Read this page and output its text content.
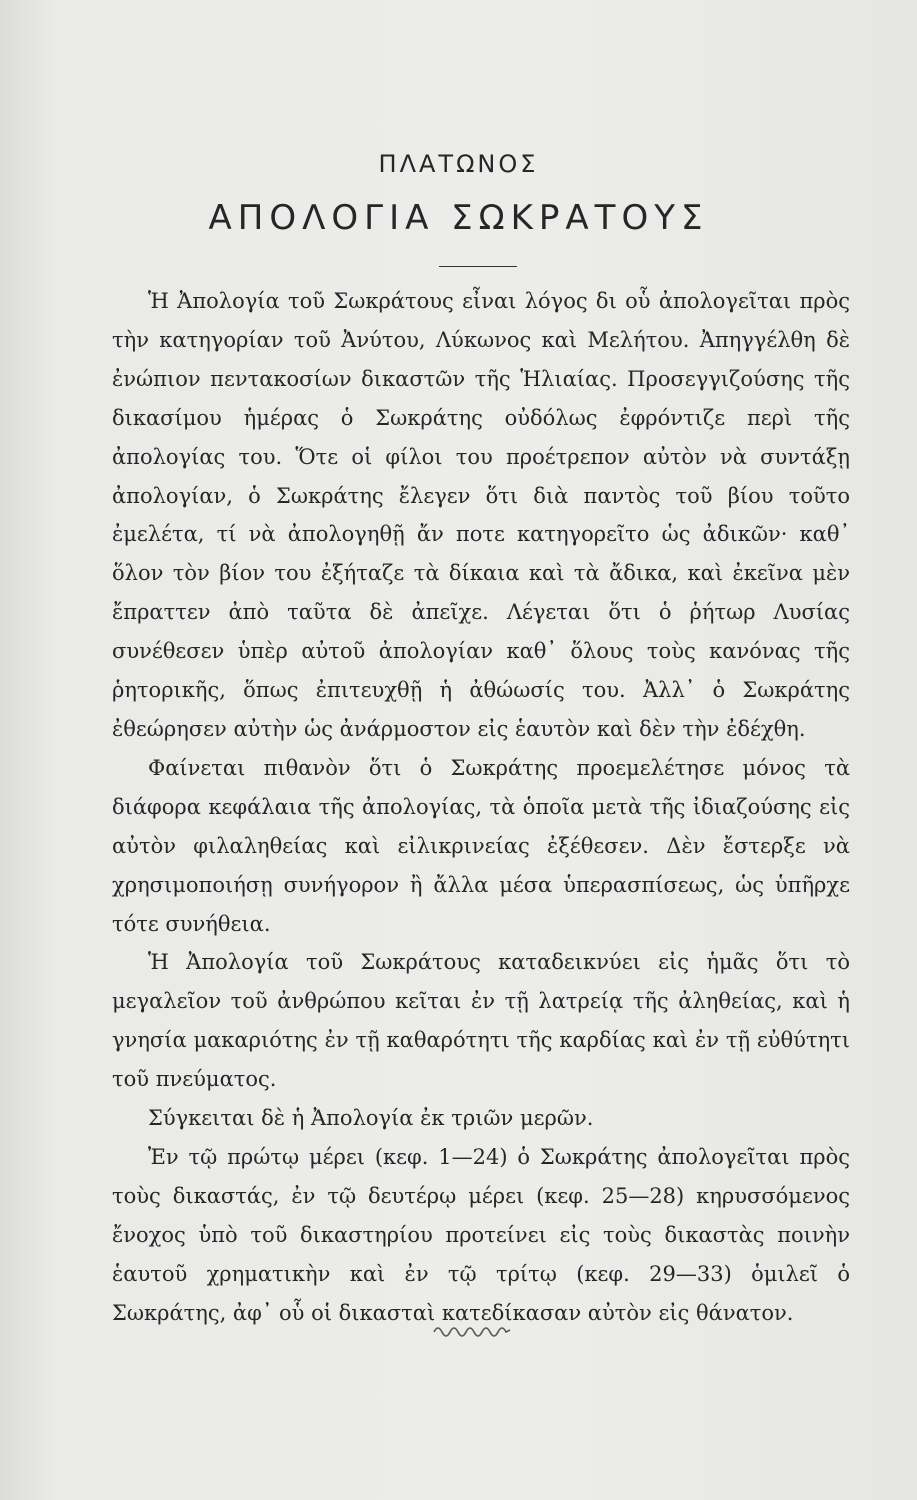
ΠΛΑΤΩΝΟΣ
ΑΠΟΛΟΓΙΑ ΣΩΚΡΑΤΟΥΣ

Ἡ Ἀπολογία τοῦ Σωκράτους εἶναι λόγος δι οὗ ἀπολογεῖται πρὸς τὴν κατηγορίαν τοῦ Ἀνύτου, Λύκωνος καὶ Μελήτου. Ἀπηγγέλθη δὲ ἐνώπιον πεντακοσίων δικαστῶν τῆς Ἡλιαίας. Προσεγγιζούσης τῆς δικασίμου ἡμέρας ὁ Σωκράτης οὐδόλως ἐφρόντιζε περὶ τῆς ἀπολογίας του. Ὅτε οἱ φίλοι του προέτρεπον αὐτὸν νὰ συντάξῃ ἀπολογίαν, ὁ Σωκράτης ἔλεγεν ὅτι διὰ παντὸς τοῦ βίου τοῦτο ἐμελέτα, τί νὰ ἀπολογηθῇ ἄν ποτε κατηγορεῖτο ὡς ἀδικῶν· καθ᾽ ὅλον τὸν βίον του ἐξήταζε τὰ δίκαια καὶ τὰ ἄδικα, καὶ ἐκεῖνα μὲν ἔπραττεν ἀπὸ ταῦτα δὲ ἀπεῖχε. Λέγεται ὅτι ὁ ῥήτωρ Λυσίας συνέθεσεν ὑπὲρ αὐτοῦ ἀπολογίαν καθ᾽ ὅλους τοὺς κανόνας τῆς ῥητορικῆς, ὅπως ἐπιτευχθῇ ἡ ἀθώωσίς του. Ἀλλ᾽ ὁ Σωκράτης ἐθεώρησεν αὐτὴν ὡς ἀνάρμοστον εἰς ἑαυτὸν καὶ δὲν τὴν ἐδέχθη.

Φαίνεται πιθανὸν ὅτι ὁ Σωκράτης προεμελέτησε μόνος τὰ διάφορα κεφάλαια τῆς ἀπολογίας, τὰ ὁποῖα μετὰ τῆς ἰδιαζούσης εἰς αὐτὸν φιλαληθείας καὶ εἰλικρινείας ἐξέθεσεν. Δὲν ἔστερξε νὰ χρησιμοποιήσῃ συνήγορον ἢ ἄλλα μέσα ὑπερασπίσεως, ὡς ὑπῆρχε τότε συνήθεια.

Ἡ Ἀπολογία τοῦ Σωκράτους καταδεικνύει εἰς ἡμᾶς ὅτι τὸ μεγαλεῖον τοῦ ἀνθρώπου κεῖται ἐν τῇ λατρείᾳ τῆς ἀληθείας, καὶ ἡ γνησία μακαριότης ἐν τῇ καθαρότητι τῆς καρδίας καὶ ἐν τῇ εὐθύτητι τοῦ πνεύματος.

Σύγκειται δὲ ἡ Ἀπολογία ἐκ τριῶν μερῶν.

Ἐν τῷ πρώτῳ μέρει (κεφ. 1—24) ὁ Σωκράτης ἀπολογεῖται πρὸς τοὺς δικαστάς, ἐν τῷ δευτέρῳ μέρει (κεφ. 25—28) κηρυσσόμενος ἔνοχος ὑπὸ τοῦ δικαστηρίου προτείνει εἰς τοὺς δικαστὰς ποινὴν ἑαυτοῦ χρηματικὴν καὶ ἐν τῷ τρίτῳ (κεφ. 29—33) ὁμιλεῖ ὁ Σωκράτης, ἀφ᾽ οὗ οἱ δικασταὶ κατεδίκασαν αὐτὸν εἰς θάνατον.
